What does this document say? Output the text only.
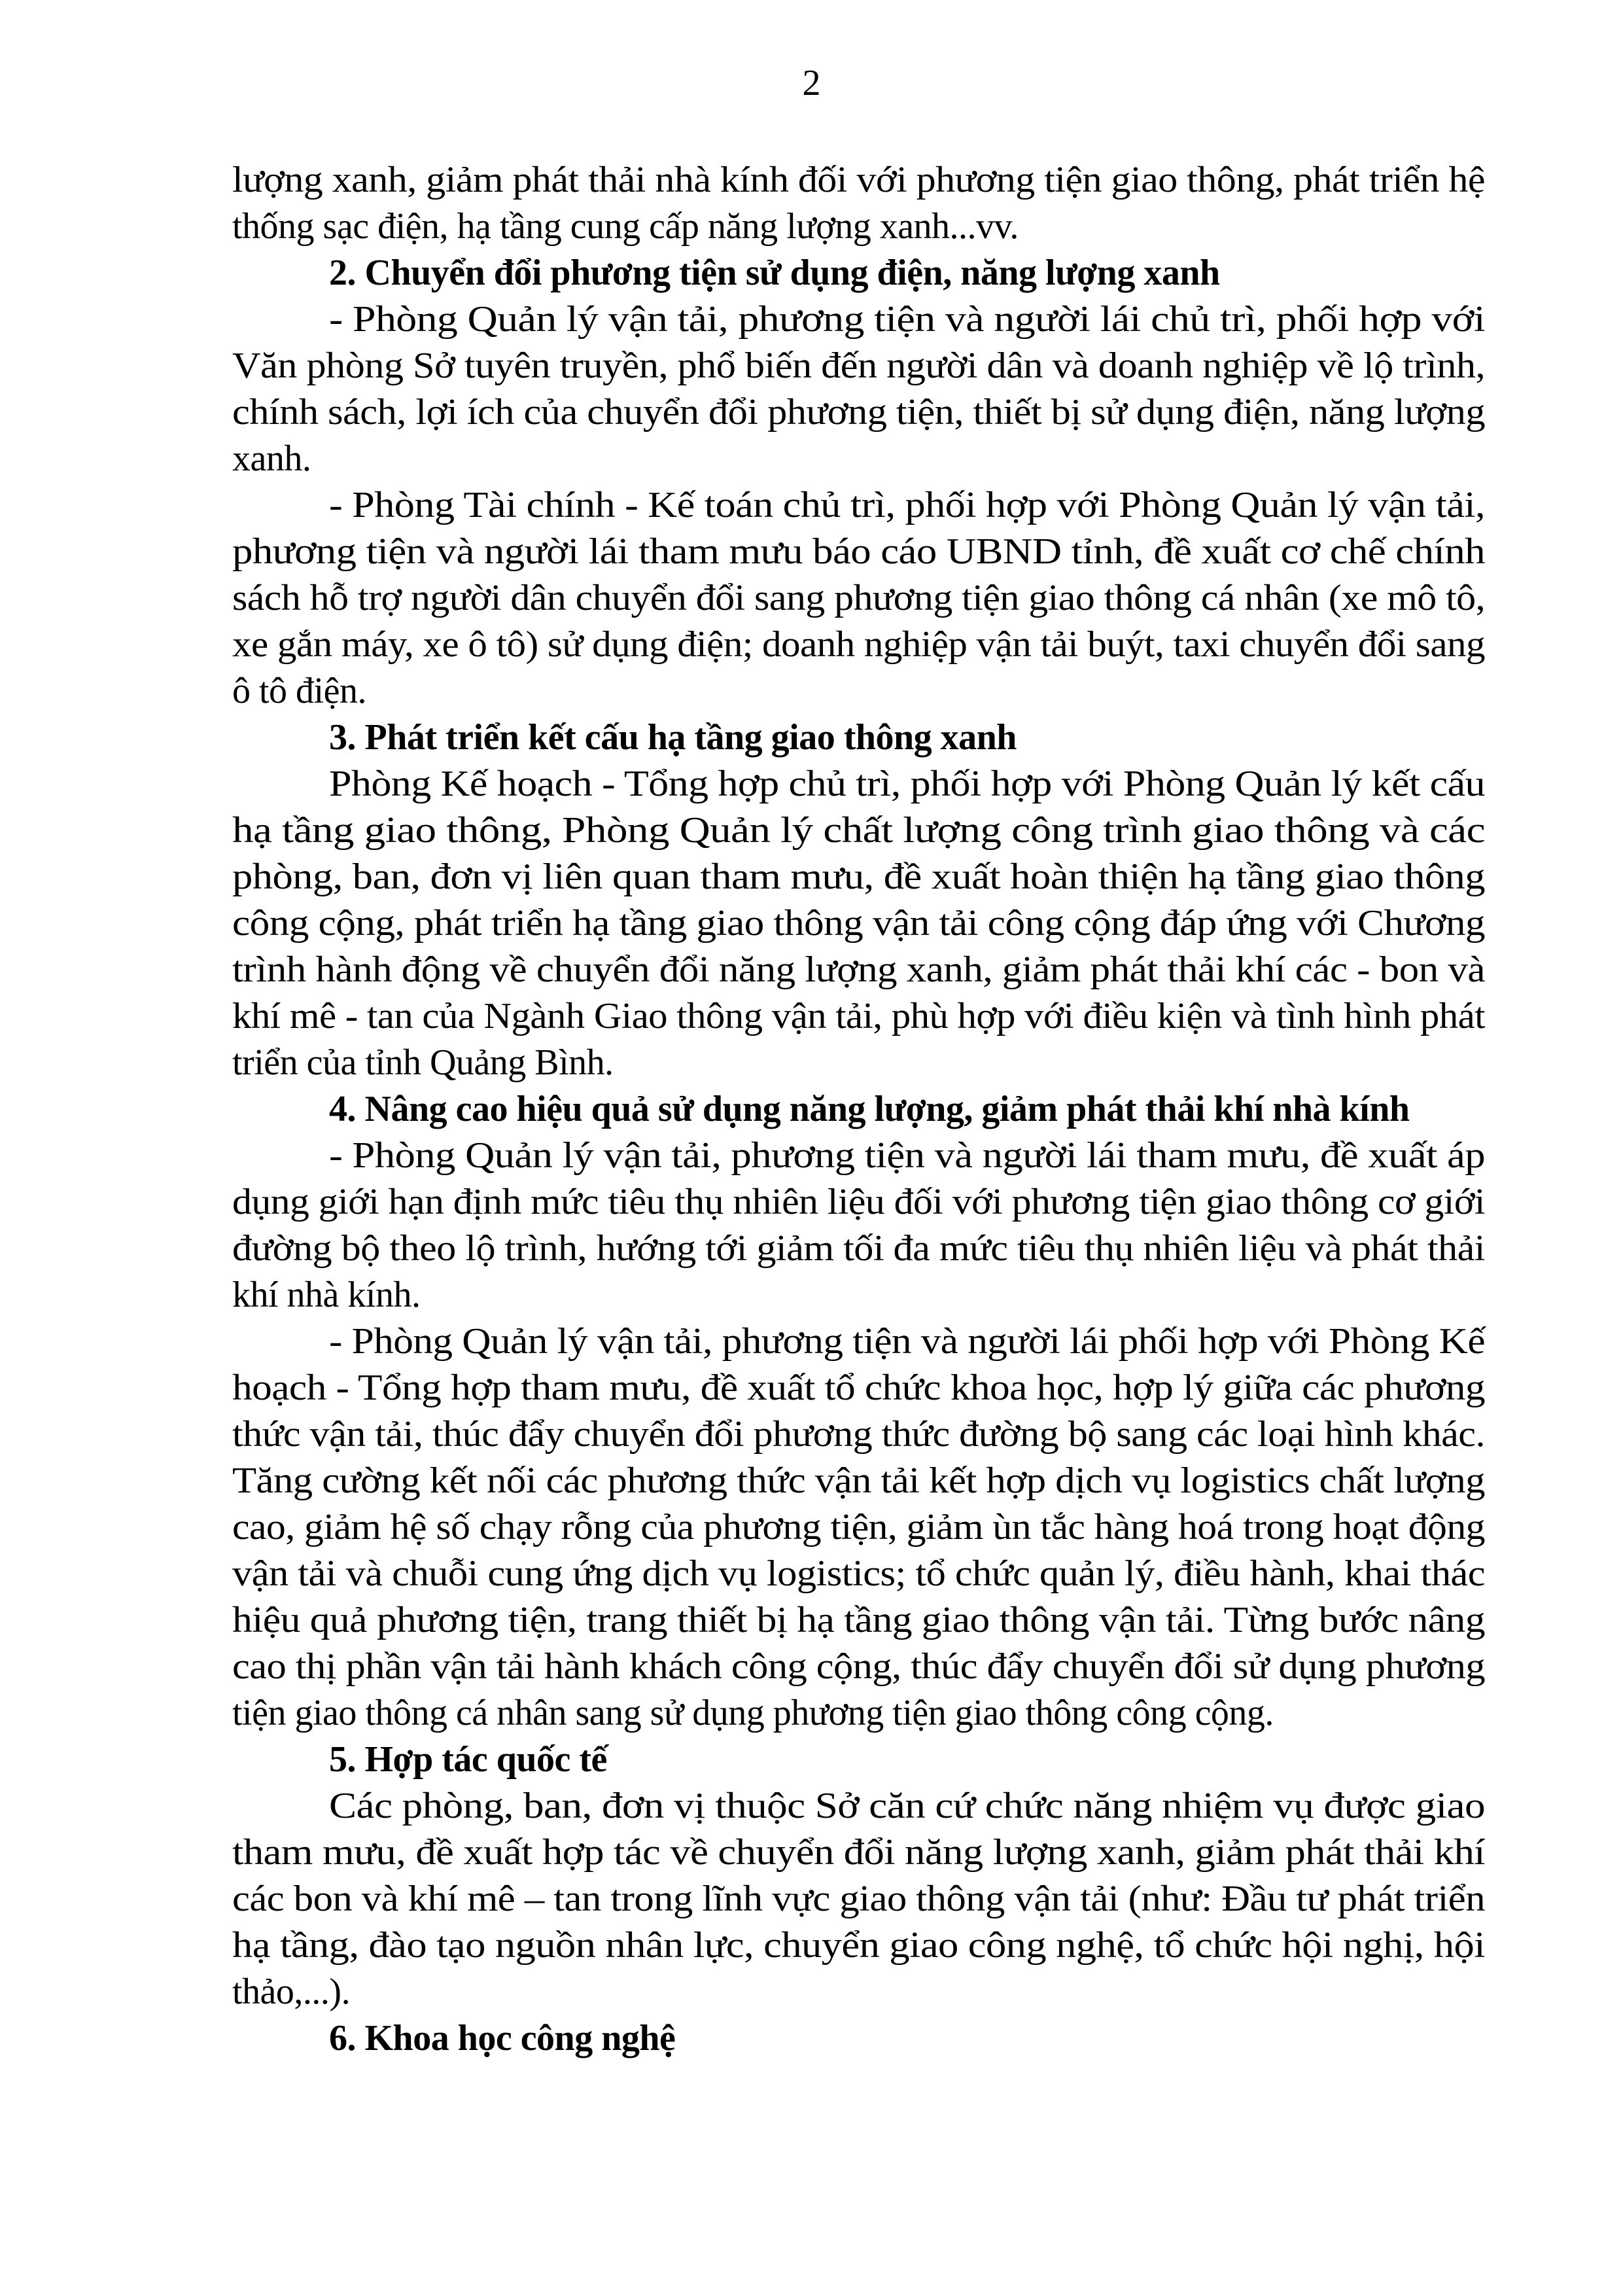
lượng xanh, giảm phát thải nhà kính đối với phương tiện giao thông, phát triển hệ
thống sạc điện, hạ tầng cung cấp năng lượng xanh...vv.
2. Chuyển đổi phương tiện sử dụng điện, năng lượng xanh
- Phòng Quản lý vận tải, phương tiện và người lái chủ trì, phối hợp với
Văn phòng Sở tuyên truyền, phổ biến đến người dân và doanh nghiệp về lộ trình,
chính sách, lợi ích của chuyển đổi phương tiện, thiết bị sử dụng điện, năng lượng
xanh.
- Phòng Tài chính - Kế toán chủ trì, phối hợp với Phòng Quản lý vận tải,
phương tiện và người lái tham mưu báo cáo UBND tỉnh, đề xuất cơ chế chính
sách hỗ trợ người dân chuyển đổi sang phương tiện giao thông cá nhân (xe mô tô,
xe gắn máy, xe ô tô) sử dụng điện; doanh nghiệp vận tải buýt, taxi chuyển đổi sang
ô tô điện.
3. Phát triển kết cấu hạ tầng giao thông xanh
Phòng Kế hoạch - Tổng hợp chủ trì, phối hợp với Phòng Quản lý kết cấu
hạ tầng giao thông, Phòng Quản lý chất lượng công trình giao thông và các
phòng, ban, đơn vị liên quan tham mưu, đề xuất hoàn thiện hạ tầng giao thông
công cộng, phát triển hạ tầng giao thông vận tải công cộng đáp ứng với Chương
trình hành động về chuyển đổi năng lượng xanh, giảm phát thải khí các - bon và
khí mê - tan của Ngành Giao thông vận tải, phù hợp với điều kiện và tình hình phát
triển của tỉnh Quảng Bình.
4. Nâng cao hiệu quả sử dụng năng lượng, giảm phát thải khí nhà kính
- Phòng Quản lý vận tải, phương tiện và người lái tham mưu, đề xuất áp
dụng giới hạn định mức tiêu thụ nhiên liệu đối với phương tiện giao thông cơ giới
đường bộ theo lộ trình, hướng tới giảm tối đa mức tiêu thụ nhiên liệu và phát thải
khí nhà kính.
- Phòng Quản lý vận tải, phương tiện và người lái phối hợp với Phòng Kế
hoạch - Tổng hợp tham mưu, đề xuất tổ chức khoa học, hợp lý giữa các phương
thức vận tải, thúc đẩy chuyển đổi phương thức đường bộ sang các loại hình khác.
Tăng cường kết nối các phương thức vận tải kết hợp dịch vụ logistics chất lượng
cao, giảm hệ số chạy rỗng của phương tiện, giảm ùn tắc hàng hoá trong hoạt động
vận tải và chuỗi cung ứng dịch vụ logistics; tổ chức quản lý, điều hành, khai thác
hiệu quả phương tiện, trang thiết bị hạ tầng giao thông vận tải. Từng bước nâng
cao thị phần vận tải hành khách công cộng, thúc đẩy chuyển đổi sử dụng phương
tiện giao thông cá nhân sang sử dụng phương tiện giao thông công cộng.
5. Hợp tác quốc tế
Các phòng, ban, đơn vị thuộc Sở căn cứ chức năng nhiệm vụ được giao
tham mưu, đề xuất hợp tác về chuyển đổi năng lượng xanh, giảm phát thải khí
các bon và khí mê – tan trong lĩnh vực giao thông vận tải (như: Đầu tư phát triển
hạ tầng, đào tạo nguồn nhân lực, chuyển giao công nghệ, tổ chức hội nghị, hội
thảo,...).
6. Khoa học công nghệ
2
